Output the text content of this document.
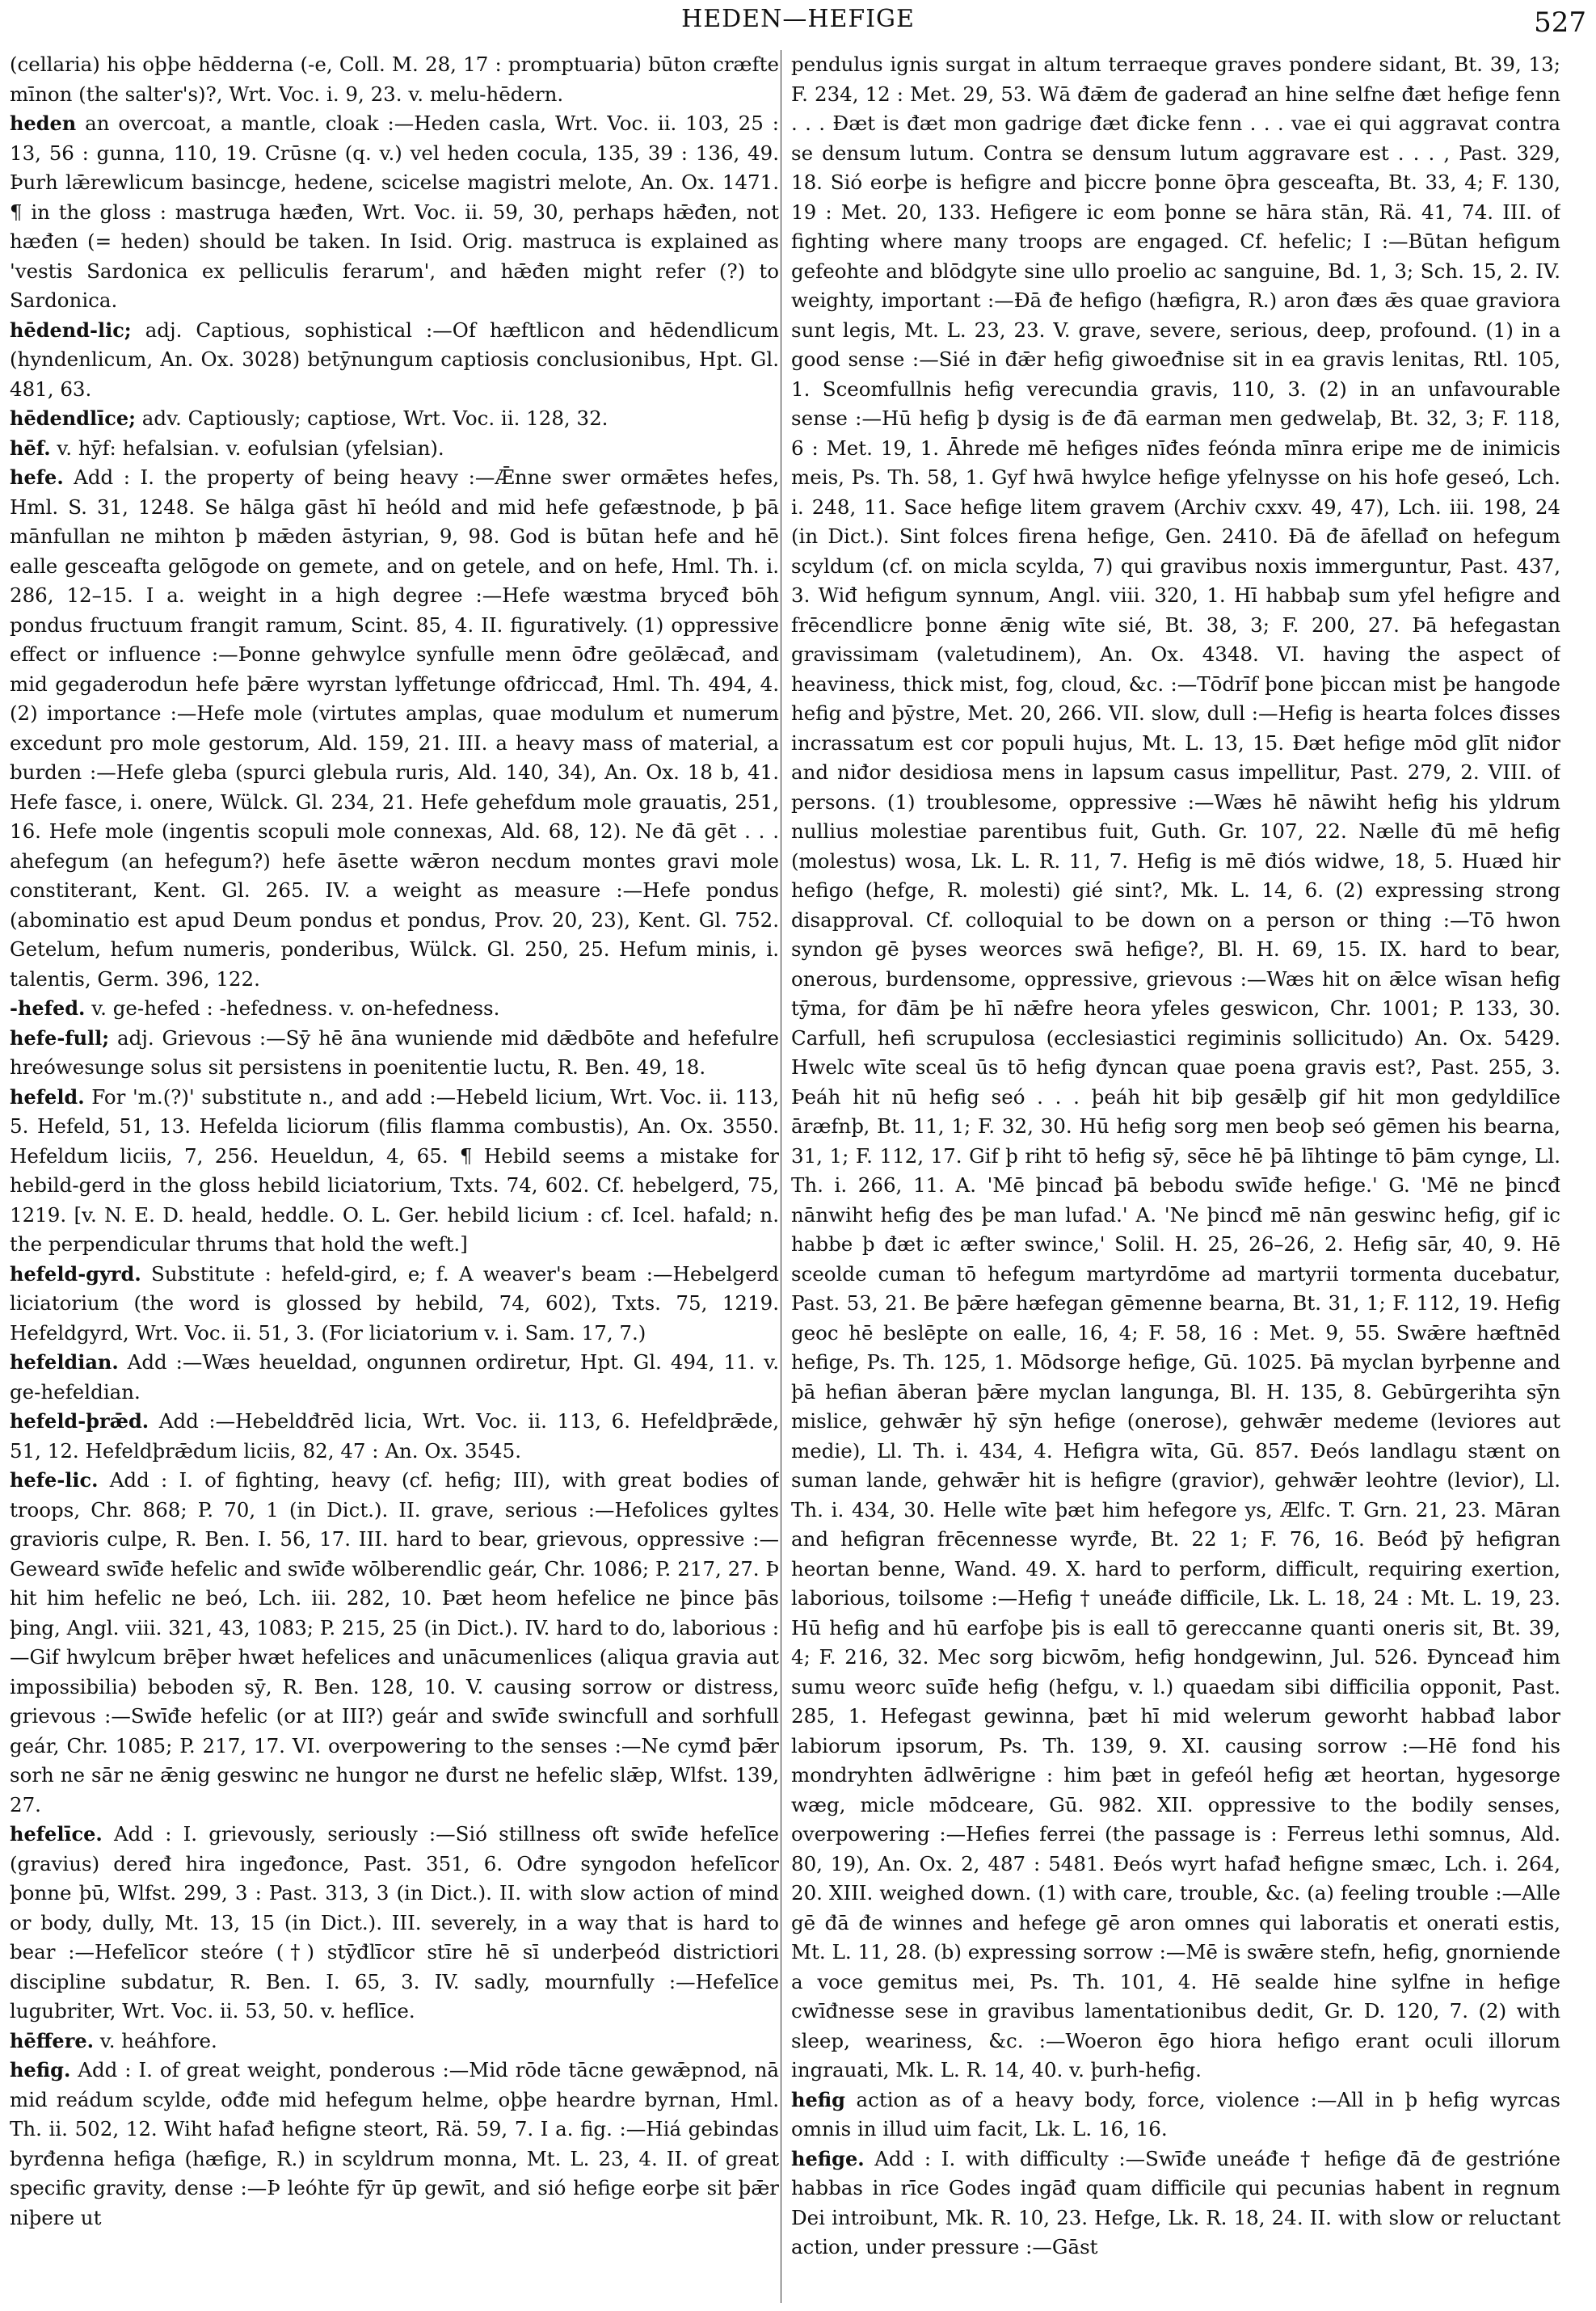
HEDEN—HEFIGE	527

(cellaria) his oþþe hēdderna (-e, Coll. M. 28, 17 : promptuaria) būton cræfte mīnon (the salter's)?, Wrt. Voc. i. 9, 23. v. melu-hēdern.

heden an overcoat, a mantle, cloak :—Heden casla, Wrt. Voc. ii. 103, 25 : 13, 56 : gunna, 110, 19. Crūsne (q. v.) vel heden cocula, 135, 39 : 136, 49. Þurh lǣrewlicum basincge, hedene, scicelse magistri melote, An. Ox. 1471. ¶ in the gloss : mastruga hæđen, Wrt. Voc. ii. 59, 30, perhaps hǣđen, not hæđen (= heden) should be taken. In Isid. Orig. mastruca is explained as 'vestis Sardonica ex pelliculis ferarum', and hǣđen might refer (?) to Sardonica.

hēdend-lic; adj. Captious, sophistical :—Of hæftlicon and hēdendlicum (hyndenlicum, An. Ox. 3028) betȳnungum captiosis conclusionibus, Hpt. Gl. 481, 63.

hēdendlīce; adv. Captiously; captiose, Wrt. Voc. ii. 128, 32.

hēf. v. hȳf: hefalsian. v. eofulsian (yfelsian).

hefe. Add : I. the property of being heavy :—Ǣnne swer ormǣtes hefes, Hml. S. 31, 1248. Se hālga gāst hī heóld and mid hefe gefæstnode, þ þā mānfullan ne mihton þ mǣden āstyrian, 9, 98. God is būtan hefe and hē ealle gesceafta gelōgode on gemete, and on getele, and on hefe, Hml. Th. i. 286, 12–15. I a. weight in a high degree :—Hefe wæstma bryceđ bōh pondus fructuum frangit ramum, Scint. 85, 4. II. figuratively. (1) oppressive effect or influence :—Þonne gehwylce synfulle menn ōđre geōlǣcađ, and mid gegaderodun hefe þǣre wyrstan lyffetunge ofđriccađ, Hml. Th. 494, 4. (2) importance :—Hefe mole (virtutes amplas, quae modulum et numerum excedunt pro mole gestorum, Ald. 159, 21. III. a heavy mass of material, a burden :—Hefe gleba (spurci glebula ruris, Ald. 140, 34), An. Ox. 18 b, 41. Hefe fasce, i. onere, Wülck. Gl. 234, 21. Hefe gehefdum mole grauatis, 251, 16. Hefe mole (ingentis scopuli mole connexas, Ald. 68, 12). Ne đā gēt . . . ahefegum (an hefegum?) hefe āsette wǣron necdum montes gravi mole constiterant, Kent. Gl. 265. IV. a weight as measure :—Hefe pondus (abominatio est apud Deum pondus et pondus, Prov. 20, 23), Kent. Gl. 752. Getelum, hefum numeris, ponderibus, Wülck. Gl. 250, 25. Hefum minis, i. talentis, Germ. 396, 122.

-hefed. v. ge-hefed : -hefedness. v. on-hefedness.

hefe-full; adj. Grievous :—Sȳ hē āna wuniende mid dǣdbōte and hefefulre hreówesunge solus sit persistens in poenitentie luctu, R. Ben. 49, 18.

hefeld. For 'm.(?)' substitute n., and add :—Hebeld licium, Wrt. Voc. ii. 113, 5. Hefeld, 51, 13. Hefelda liciorum (filis flamma combustis), An. Ox. 3550. Hefeldum liciis, 7, 256. Heueldun, 4, 65. ¶ Hebild seems a mistake for hebild-gerd in the gloss hebild liciatorium, Txts. 74, 602. Cf. hebelgerd, 75, 1219. [v. N. E. D. heald, heddle. O. L. Ger. hebild licium : cf. Icel. hafald; n. the perpendicular thrums that hold the weft.]

hefeld-gyrd. Substitute : hefeld-gird, e; f. A weaver's beam :—Hebelgerd liciatorium (the word is glossed by hebild, 74, 602), Txts. 75, 1219. Hefeldgyrd, Wrt. Voc. ii. 51, 3. (For liciatorium v. i. Sam. 17, 7.)

hefeldian. Add :—Wæs heueldad, ongunnen ordiretur, Hpt. Gl. 494, 11. v. ge-hefeldian.

hefeld-þrǣd. Add :—Hebeldđrēd licia, Wrt. Voc. ii. 113, 6. Hefeldþrǣde, 51, 12. Hefeldþrǣdum liciis, 82, 47 : An. Ox. 3545.

hefe-lic. Add : I. of fighting, heavy (cf. hefig; III), with great bodies of troops, Chr. 868; P. 70, 1 (in Dict.). II. grave, serious :—Hefolices gyltes gravioris culpe, R. Ben. I. 56, 17. III. hard to bear, grievous, oppressive :—Geweard swīđe hefelic and swīđe wōlberendlic geár, Chr. 1086; P. 217, 27. Þ hit him hefelic ne beó, Lch. iii. 282, 10. Þæt heom hefelice ne þince þās þing, Angl. viii. 321, 43, 1083; P. 215, 25 (in Dict.). IV. hard to do, laborious :—Gif hwylcum brēþer hwæt hefelices and unācumenlices (aliqua gravia aut impossibilia) beboden sȳ, R. Ben. 128, 10. V. causing sorrow or distress, grievous :—Swīđe hefelic (or at III?) geár and swīđe swincfull and sorhfull geár, Chr. 1085; P. 217, 17. VI. overpowering to the senses :—Ne cymđ þǣr sorh ne sār ne ǣnig geswinc ne hungor ne đurst ne hefelic slǣp, Wlfst. 139, 27.

hefelīce. Add : I. grievously, seriously :—Sió stillness oft swīđe hefelīce (gravius) deređ hira ingeđonce, Past. 351, 6. Ođre syngodon hefelīcor þonne þū, Wlfst. 299, 3 : Past. 313, 3 (in Dict.). II. with slow action of mind or body, dully, Mt. 13, 15 (in Dict.). III. severely, in a way that is hard to bear :—Hefelīcor steóre (†) stȳđlīcor stīre hē sī underþeód districtiori discipline subdatur, R. Ben. I. 65, 3. IV. sadly, mournfully :—Hefelīce lugubriter, Wrt. Voc. ii. 53, 50. v. heflīce.

hēffere. v. heáhfore.

hefig. Add : I. of great weight, ponderous :—Mid rōde tācne gewǣpnod, nā mid reádum scylde, ođđe mid hefegum helme, oþþe heardre byrnan, Hml. Th. ii. 502, 12. Wiht hafađ hefigne steort, Rä. 59, 7. I a. fig. :—Hiá gebindas byrđenna hefiga (hæfige, R.) in scyldrum monna, Mt. L. 23, 4. II. of great specific gravity, dense :—Þ leóhte fȳr ūp gewīt, and sió hefige eorþe sit þǣr niþere ut

pendulus ignis surgat in altum terraeque graves pondere sidant, Bt. 39, 13; F. 234, 12 : Met. 29, 53. Wā đǣm đe gaderađ an hine selfne đæt hefige fenn . . . Đæt is đæt mon gadrige đæt đicke fenn . . . vae ei qui aggravat contra se densum lutum. Contra se densum lutum aggravare est . . . , Past. 329, 18. Sió eorþe is hefigre and þiccre þonne ōþra gesceafta, Bt. 33, 4; F. 130, 19 : Met. 20, 133. Hefigere ic eom þonne se hāra stān, Rä. 41, 74. III. of fighting where many troops are engaged. Cf. hefelic; I :—Būtan hefigum gefeohte and blōdgyte sine ullo proelio ac sanguine, Bd. 1, 3; Sch. 15, 2. IV. weighty, important :—Đā đe hefigo (hæfigra, R.) aron đæs ǣs quae graviora sunt legis, Mt. L. 23, 23. V. grave, severe, serious, deep, profound. (1) in a good sense :—Sié in đǣr hefig giwoeđnise sit in ea gravis lenitas, Rtl. 105, 1. Sceomfullnis hefig verecundia gravis, 110, 3. (2) in an unfavourable sense :—Hū hefig þ dysig is đe đā earman men gedwelaþ, Bt. 32, 3; F. 118, 6 : Met. 19, 1. Āhrede mē hefiges nīđes feónda mīnra eripe me de inimicis meis, Ps. Th. 58, 1. Gyf hwā hwylce hefige yfelnysse on his hofe geseó, Lch. i. 248, 11. Sace hefige litem gravem (Archiv cxxv. 49, 47), Lch. iii. 198, 24 (in Dict.). Sint folces firena hefige, Gen. 2410. Đā đe āfellađ on hefegum scyldum (cf. on micla scylda, 7) qui gravibus noxis immerguntur, Past. 437, 3. Wiđ hefigum synnum, Angl. viii. 320, 1. Hī habbaþ sum yfel hefigre and frēcendlicre þonne ǣnig wīte sié, Bt. 38, 3; F. 200, 27. Þā hefegastan gravissimam (valetudinem), An. Ox. 4348. VI. having the aspect of heaviness, thick mist, fog, cloud, &c. :—Tōdrīf þone þiccan mist þe hangode hefig and þȳstre, Met. 20, 266. VII. slow, dull :—Hefig is hearta folces đisses incrassatum est cor populi hujus, Mt. L. 13, 15. Đæt hefige mōd glīt niđor and niđor desidiosa mens in lapsum casus impellitur, Past. 279, 2. VIII. of persons. (1) troublesome, oppressive :—Wæs hē nāwiht hefig his yldrum nullius molestiae parentibus fuit, Guth. Gr. 107, 22. Nælle đū mē hefig (molestus) wosa, Lk. L. R. 11, 7. Hefig is mē điós widwe, 18, 5. Huæd hir hefigo (hefge, R. molesti) gié sint?, Mk. L. 14, 6. (2) expressing strong disapproval. Cf. colloquial to be down on a person or thing :—Tō hwon syndon gē þyses weorces swā hefige?, Bl. H. 69, 15. IX. hard to bear, onerous, burdensome, oppressive, grievous :—Wæs hit on ǣlce wīsan hefig tȳma, for đām þe hī nǣfre heora yfeles geswicon, Chr. 1001; P. 133, 30. Carfull, hefi scrupulosa (ecclesiastici regiminis sollicitudo) An. Ox. 5429. Hwelc wīte sceal ūs tō hefig đyncan quae poena gravis est?, Past. 255, 3. Þeáh hit nū hefig seó . . . þeáh hit biþ gesǣlþ gif hit mon gedyldilīce āræfnþ, Bt. 11, 1; F. 32, 30. Hū hefig sorg men beoþ seó gēmen his bearna, 31, 1; F. 112, 17. Gif þ riht tō hefig sȳ, sēce hē þā līhtinge tō þām cynge, Ll. Th. i. 266, 11. A. 'Mē þincađ þā bebodu swīđe hefige.' G. 'Mē ne þincđ nānwiht hefig đes þe man lufad.' A. 'Ne þincđ mē nān geswinc hefig, gif ic habbe þ đæt ic æfter swince,' Solil. H. 25, 26–26, 2. Hefig sār, 40, 9. Hē sceolde cuman tō hefegum martyrdōme ad martyrii tormenta ducebatur, Past. 53, 21. Be þǣre hæfegan gēmenne bearna, Bt. 31, 1; F. 112, 19. Hefig geoc hē beslēpte on ealle, 16, 4; F. 58, 16 : Met. 9, 55. Swǣre hæftnēd hefige, Ps. Th. 125, 1. Mōdsorge hefige, Gū. 1025. Þā myclan byrþenne and þā hefian āberan þǣre myclan langunga, Bl. H. 135, 8. Gebūrgerihta sȳn mislice, gehwǣr hȳ sȳn hefige (onerose), gehwǣr medeme (leviores aut medie), Ll. Th. i. 434, 4. Hefigra wīta, Gū. 857. Đeós landlagu stænt on suman lande, gehwǣr hit is hefigre (gravior), gehwǣr leohtre (levior), Ll. Th. i. 434, 30. Helle wīte þæt him hefegore ys, Ælfc. T. Grn. 21, 23. Māran and hefigran frēcennesse wyrđe, Bt. 22 1; F. 76, 16. Beóđ þȳ hefigran heortan benne, Wand. 49. X. hard to perform, difficult, requiring exertion, laborious, toilsome :—Hefig † uneáđe difficile, Lk. L. 18, 24 : Mt. L. 19, 23. Hū hefig and hū earfoþe þis is eall tō gereccanne quanti oneris sit, Bt. 39, 4; F. 216, 32. Mec sorg bicwōm, hefig hondgewinn, Jul. 526. Đynceađ him sumu weorc suīđe hefig (hefgu, v. l.) quaedam sibi difficilia opponit, Past. 285, 1. Hefegast gewinna, þæt hī mid welerum geworht habbađ labor labiorum ipsorum, Ps. Th. 139, 9. XI. causing sorrow :—Hē fond his mondryhten ādlwērigne : him þæt in gefeól hefig æt heortan, hygesorge wæg, micle mōdceare, Gū. 982. XII. oppressive to the bodily senses, overpowering :—Hefies ferrei (the passage is : Ferreus lethi somnus, Ald. 80, 19), An. Ox. 2, 487 : 5481. Đeós wyrt hafađ hefigne smæc, Lch. i. 264, 20. XIII. weighed down. (1) with care, trouble, &c. (a) feeling trouble :—Alle gē đā đe winnes and hefege gē aron omnes qui laboratis et onerati estis, Mt. L. 11, 28. (b) expressing sorrow :—Mē is swǣre stefn, hefig, gnorniende a voce gemitus mei, Ps. Th. 101, 4. Hē sealde hine sylfne in hefige cwīđnesse sese in gravibus lamentationibus dedit, Gr. D. 120, 7. (2) with sleep, weariness, &c. :—Woeron ēgo hiora hefigo erant oculi illorum ingrauati, Mk. L. R. 14, 40. v. þurh-hefig.

hefig action as of a heavy body, force, violence :—All in þ hefig wyrcas omnis in illud uim facit, Lk. L. 16, 16.

hefige. Add : I. with difficulty :—Swīđe uneáđe † hefige đā đe gestrióne habbas in rīce Godes ingāđ quam difficile qui pecunias habent in regnum Dei introibunt, Mk. R. 10, 23. Hefge, Lk. R. 18, 24. II. with slow or reluctant action, under pressure :—Gāst
